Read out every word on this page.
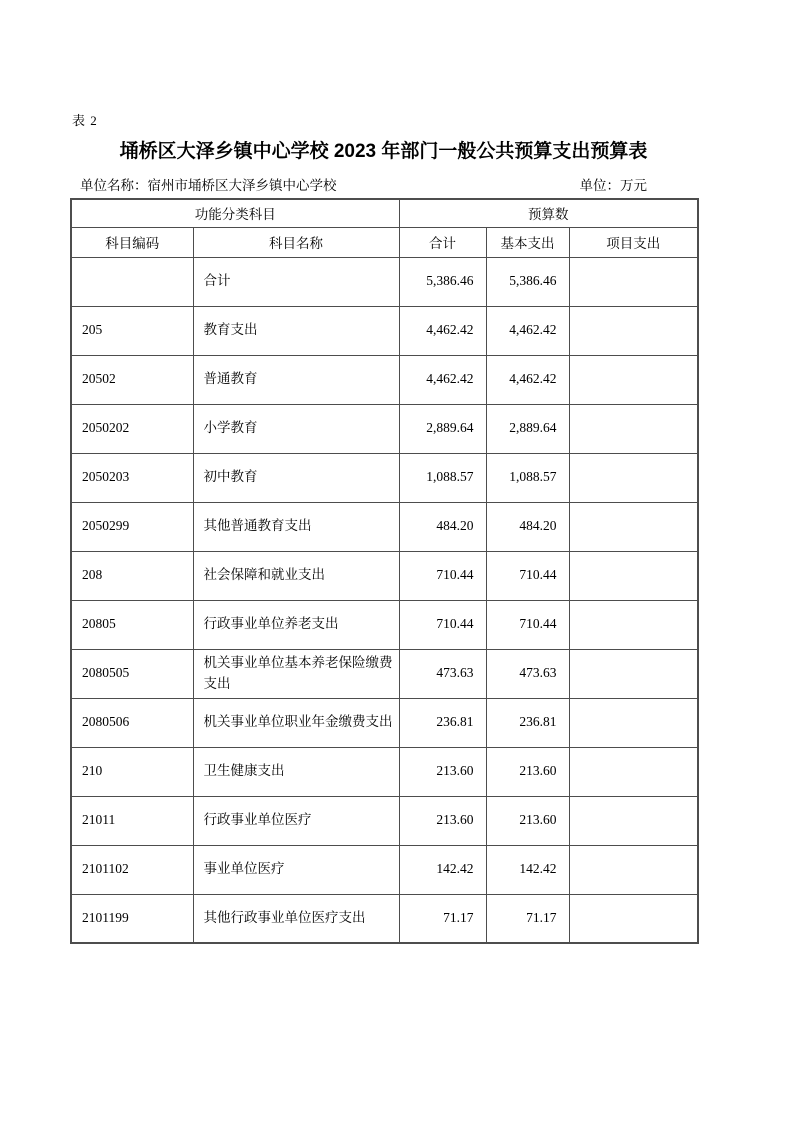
表 2
埇桥区大泽乡镇中心学校 2023 年部门一般公共预算支出预算表
单位名称：宿州市埇桥区大泽乡镇中心学校	单位：万元
功能分类科目		预算数		
科目编码	科目名称	合计	基本支出	项目支出
	合计	5,386.46	5,386.46	
205	教育支出	4,462.42	4,462.42	
20502	普通教育	4,462.42	4,462.42	
2050202	小学教育	2,889.64	2,889.64	
2050203	初中教育	1,088.57	1,088.57	
2050299	其他普通教育支出	484.20	484.20	
208	社会保障和就业支出	710.44	710.44	
20805	行政事业单位养老支出	710.44	710.44	
2080505	机关事业单位基本养老保险缴费支出	473.63	473.63	
2080506	机关事业单位职业年金缴费支出	236.81	236.81	
210	卫生健康支出	213.60	213.60	
21011	行政事业单位医疗	213.60	213.60	
2101102	事业单位医疗	142.42	142.42	
2101199	其他行政事业单位医疗支出	71.17	71.17	
